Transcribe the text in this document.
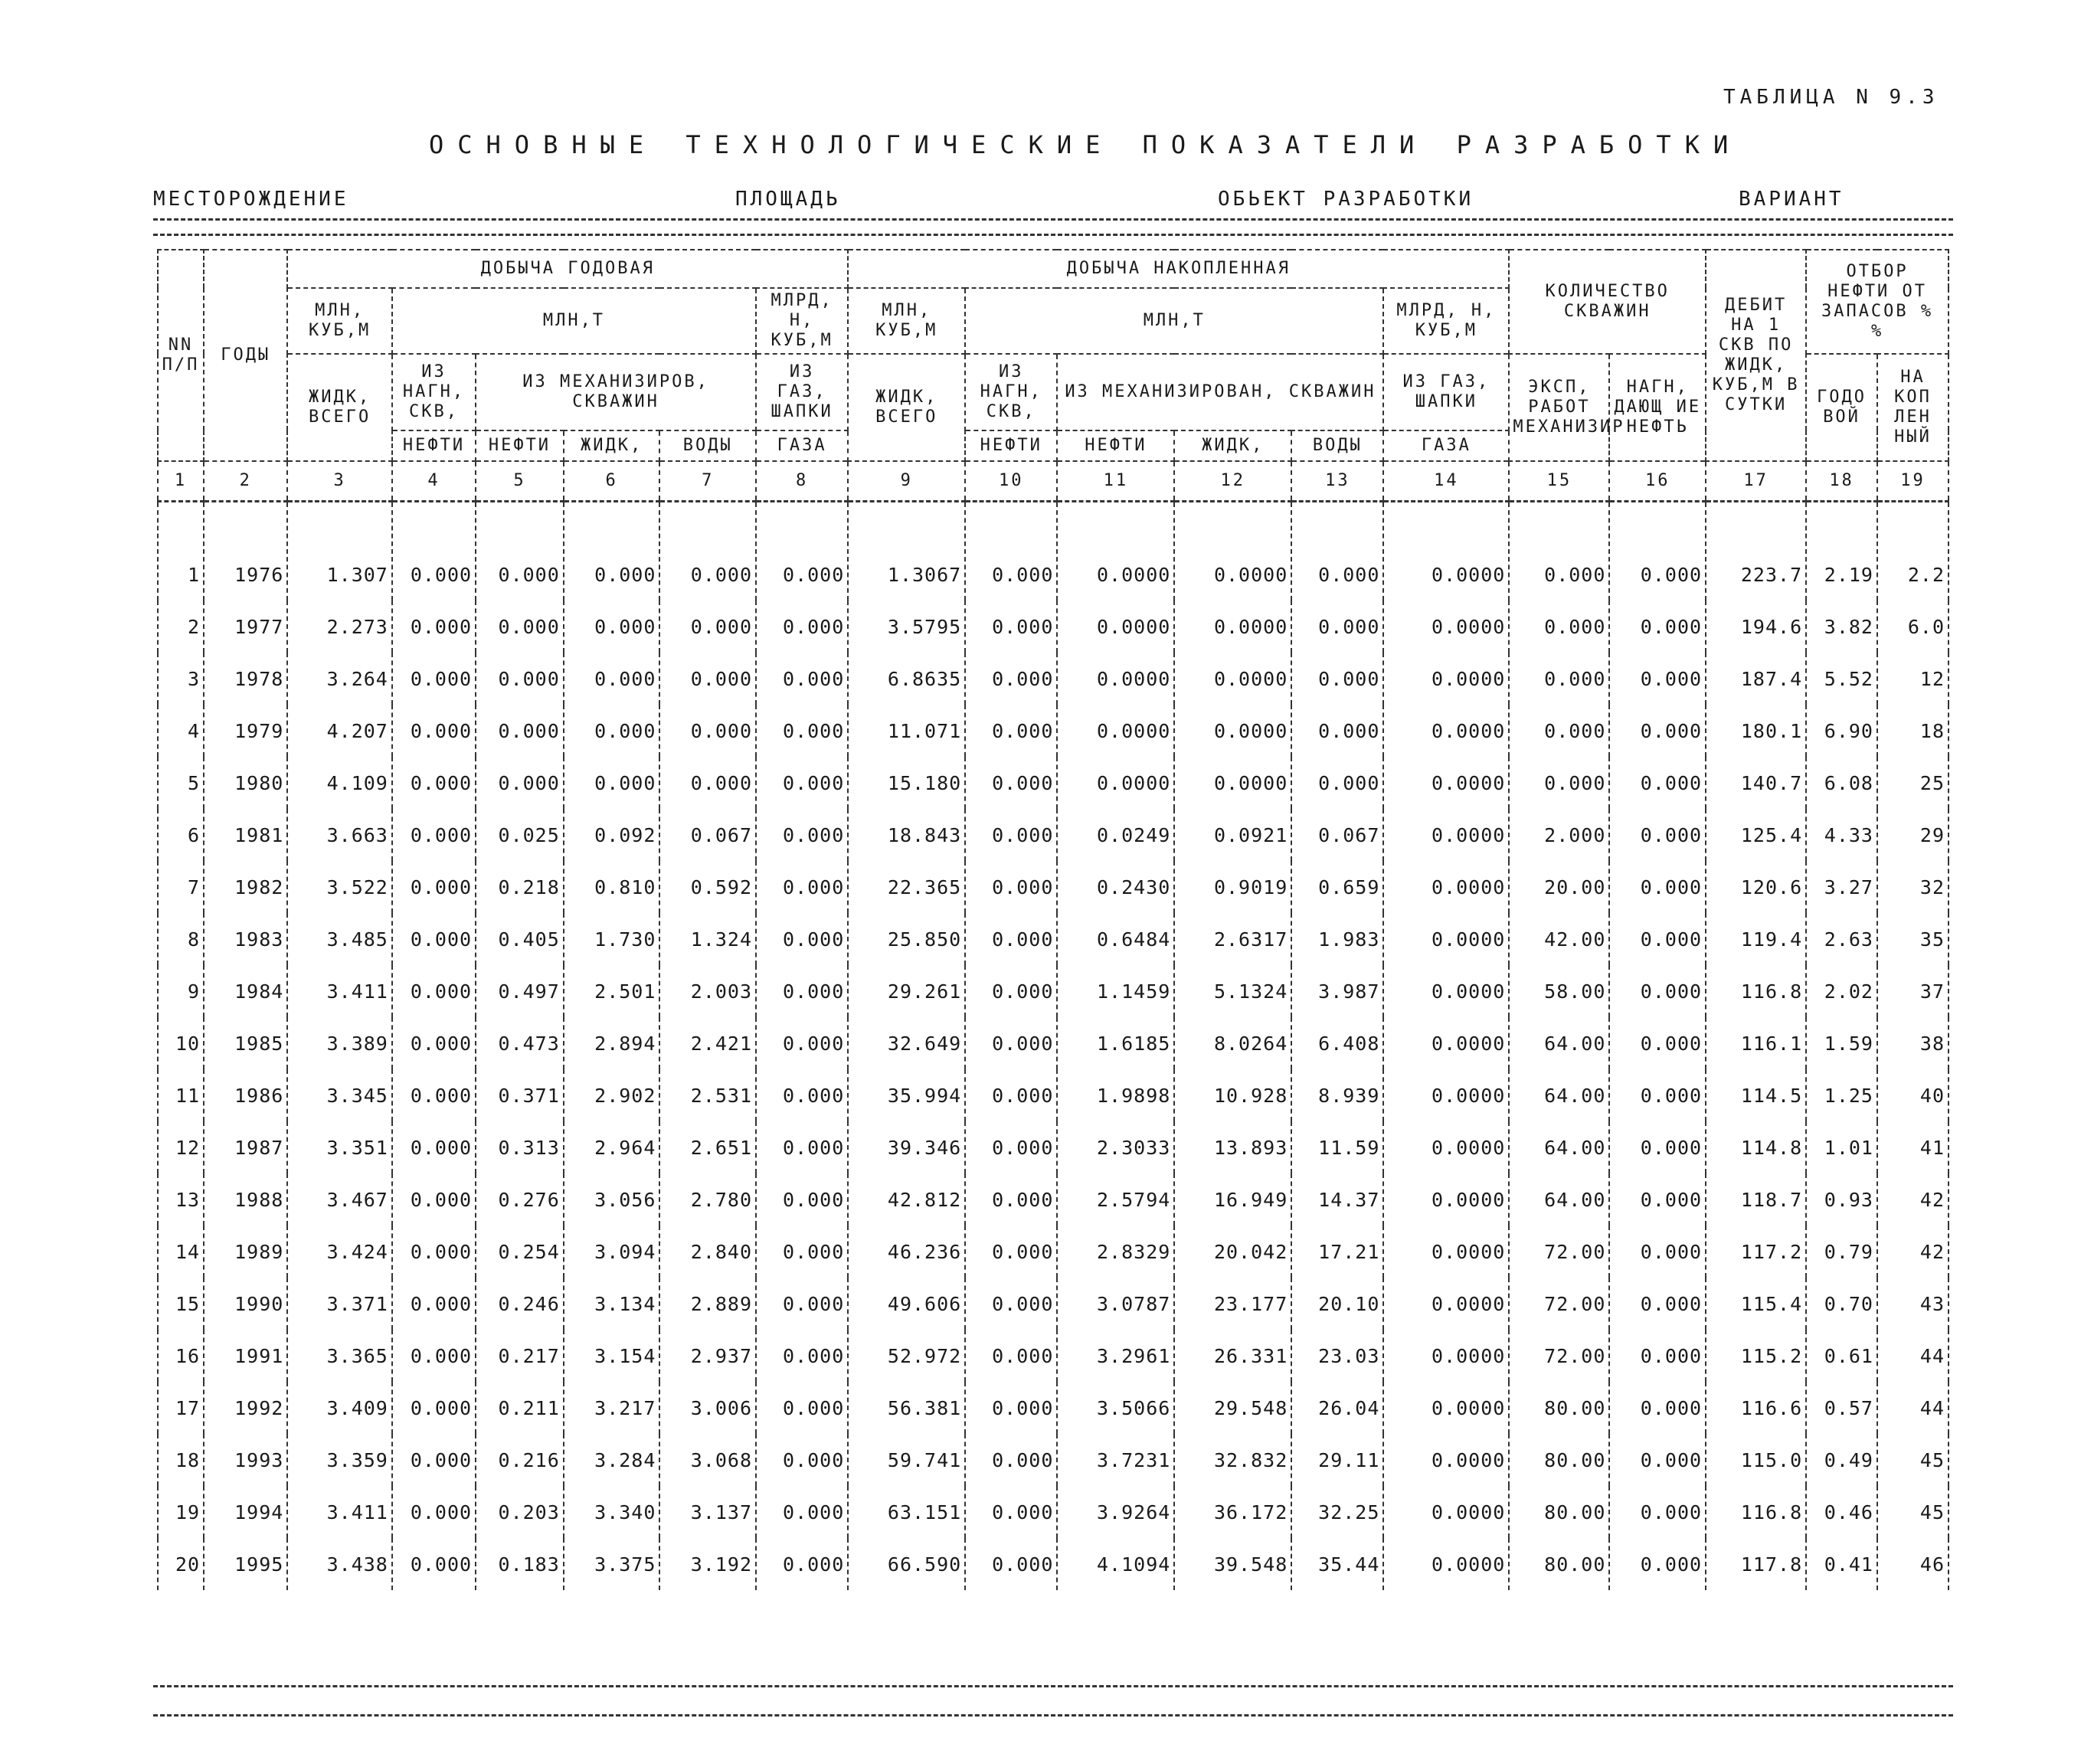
ТАБЛИЦА N 9.3
ОСНОВНЫЕ ТЕХНОЛОГИЧЕСКИЕ ПОКАЗАТЕЛИ РАЗРАБОТКИ
МЕСТОРОЖДЕНИЕ	ПЛОЩАДЬ	ОБЬЕКТ РАЗРАБОТКИ	ВАРИАНТ
NN П/П	ГОДЫ	ДОБЫЧА ГОДОВАЯ						ДОБЫЧА НАКОПЛЕННАЯ						КОЛИЧЕСТВО СКВАЖИН		ДЕБИТ НА 1 СКВ ПО ЖИДК, КУБ,М В СУТКИ	ОТБОР НЕФТИ ОТ ЗАПАСОВ % %	
		МЛН, КУБ,М	МЛН,Т				МЛРД, Н, КУБ,М	МЛН, КУБ,М	МЛН,Т				МЛРД, Н, КУБ,М					
		ЖИДК, ВСЕГО	ИЗ НАГН, СКВ,	ИЗ МЕХАНИЗИРОВ, СКВАЖИН			ИЗ ГАЗ, ШАПКИ	ЖИДК, ВСЕГО	ИЗ НАГН, СКВ,	ИЗ МЕХАНИЗИРОВАН, СКВАЖИН			ИЗ ГАЗ, ШАПКИ	ЭКСП, РАБОТ МЕХАНИЗИР	НАГН, ДАЮЩ ИЕ НЕФТЬ		ГОДО ВОЙ	НА КОП ЛЕН НЫЙ
			НЕФТИ	НЕФТИ	ЖИДК,	ВОДЫ	ГАЗА		НЕФТИ	НЕФТИ	ЖИДК,	ВОДЫ	ГАЗА					
1	2	3	4	5	6	7	8	9	10	11	12	13	14	15	16	17	18	19
1	1976	1.307	0.000	0.000	0.000	0.000	0.000	1.3067	0.000	0.0000	0.0000	0.000	0.0000	0.000	0.000	223.7	2.19	2.2
2	1977	2.273	0.000	0.000	0.000	0.000	0.000	3.5795	0.000	0.0000	0.0000	0.000	0.0000	0.000	0.000	194.6	3.82	6.0
3	1978	3.264	0.000	0.000	0.000	0.000	0.000	6.8635	0.000	0.0000	0.0000	0.000	0.0000	0.000	0.000	187.4	5.52	12
4	1979	4.207	0.000	0.000	0.000	0.000	0.000	11.071	0.000	0.0000	0.0000	0.000	0.0000	0.000	0.000	180.1	6.90	18
5	1980	4.109	0.000	0.000	0.000	0.000	0.000	15.180	0.000	0.0000	0.0000	0.000	0.0000	0.000	0.000	140.7	6.08	25
6	1981	3.663	0.000	0.025	0.092	0.067	0.000	18.843	0.000	0.0249	0.0921	0.067	0.0000	2.000	0.000	125.4	4.33	29
7	1982	3.522	0.000	0.218	0.810	0.592	0.000	22.365	0.000	0.2430	0.9019	0.659	0.0000	20.00	0.000	120.6	3.27	32
8	1983	3.485	0.000	0.405	1.730	1.324	0.000	25.850	0.000	0.6484	2.6317	1.983	0.0000	42.00	0.000	119.4	2.63	35
9	1984	3.411	0.000	0.497	2.501	2.003	0.000	29.261	0.000	1.1459	5.1324	3.987	0.0000	58.00	0.000	116.8	2.02	37
10	1985	3.389	0.000	0.473	2.894	2.421	0.000	32.649	0.000	1.6185	8.0264	6.408	0.0000	64.00	0.000	116.1	1.59	38
11	1986	3.345	0.000	0.371	2.902	2.531	0.000	35.994	0.000	1.9898	10.928	8.939	0.0000	64.00	0.000	114.5	1.25	40
12	1987	3.351	0.000	0.313	2.964	2.651	0.000	39.346	0.000	2.3033	13.893	11.59	0.0000	64.00	0.000	114.8	1.01	41
13	1988	3.467	0.000	0.276	3.056	2.780	0.000	42.812	0.000	2.5794	16.949	14.37	0.0000	64.00	0.000	118.7	0.93	42
14	1989	3.424	0.000	0.254	3.094	2.840	0.000	46.236	0.000	2.8329	20.042	17.21	0.0000	72.00	0.000	117.2	0.79	42
15	1990	3.371	0.000	0.246	3.134	2.889	0.000	49.606	0.000	3.0787	23.177	20.10	0.0000	72.00	0.000	115.4	0.70	43
16	1991	3.365	0.000	0.217	3.154	2.937	0.000	52.972	0.000	3.2961	26.331	23.03	0.0000	72.00	0.000	115.2	0.61	44
17	1992	3.409	0.000	0.211	3.217	3.006	0.000	56.381	0.000	3.5066	29.548	26.04	0.0000	80.00	0.000	116.6	0.57	44
18	1993	3.359	0.000	0.216	3.284	3.068	0.000	59.741	0.000	3.7231	32.832	29.11	0.0000	80.00	0.000	115.0	0.49	45
19	1994	3.411	0.000	0.203	3.340	3.137	0.000	63.151	0.000	3.9264	36.172	32.25	0.0000	80.00	0.000	116.8	0.46	45
20	1995	3.438	0.000	0.183	3.375	3.192	0.000	66.590	0.000	4.1094	39.548	35.44	0.0000	80.00	0.000	117.8	0.41	46
